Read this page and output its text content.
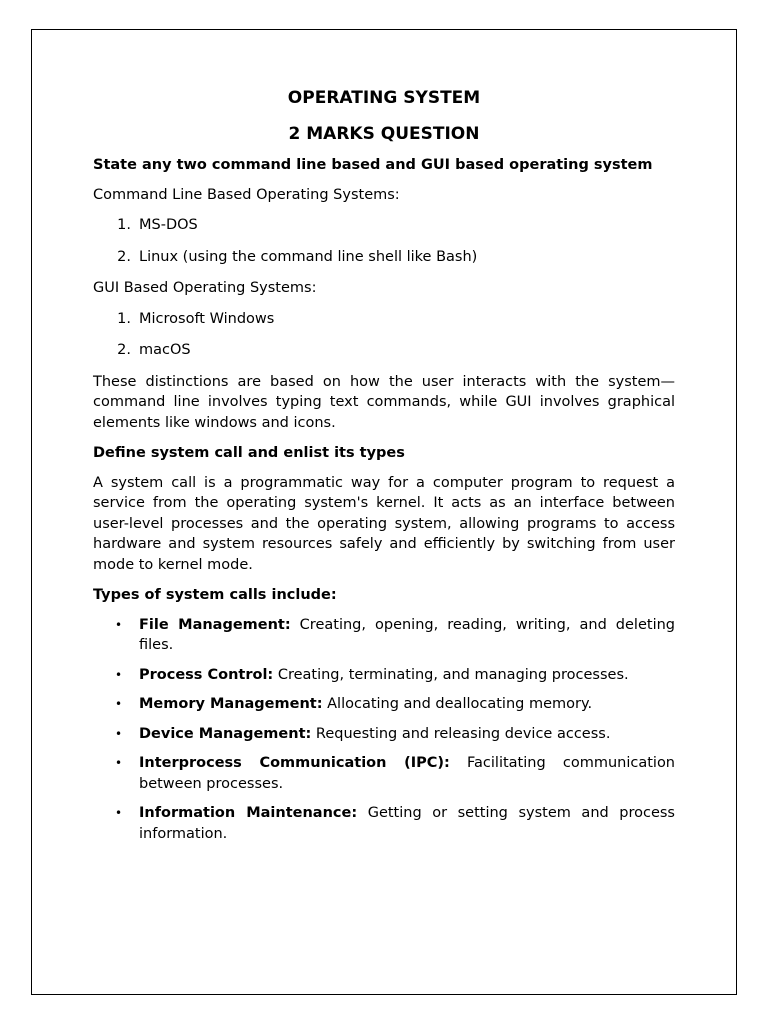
OPERATING SYSTEM

2 MARKS QUESTION

State any two command line based and GUI based operating system

Command Line Based Operating Systems:

1. MS-DOS
2. Linux (using the command line shell like Bash)

GUI Based Operating Systems:

1. Microsoft Windows
2. macOS

These distinctions are based on how the user interacts with the system—command line involves typing text commands, while GUI involves graphical elements like windows and icons.

Define system call and enlist its types

A system call is a programmatic way for a computer program to request a service from the operating system's kernel. It acts as an interface between user-level processes and the operating system, allowing programs to access hardware and system resources safely and efficiently by switching from user mode to kernel mode.

Types of system calls include:

•	File Management: Creating, opening, reading, writing, and deleting files.
•	Process Control: Creating, terminating, and managing processes.
•	Memory Management: Allocating and deallocating memory.
•	Device Management: Requesting and releasing device access.
•	Interprocess Communication (IPC): Facilitating communication between processes.
•	Information Maintenance: Getting or setting system and process information.
